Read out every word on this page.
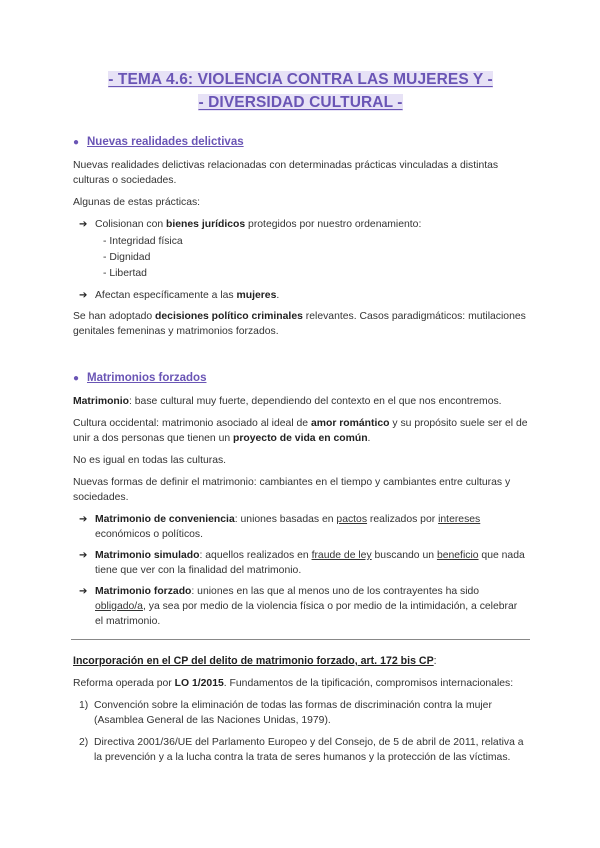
- TEMA 4.6: VIOLENCIA CONTRA LAS MUJERES Y -
- DIVERSIDAD CULTURAL -
● Nuevas realidades delictivas

Nuevas realidades delictivas relacionadas con determinadas prácticas vinculadas a distintas culturas o sociedades.

Algunas de estas prácticas:

➔ Colisionan con bienes jurídicos protegidos por nuestro ordenamiento:
- Integridad física
- Dignidad
- Libertad
➔ Afectan específicamente a las mujeres.

Se han adoptado decisiones político criminales relevantes. Casos paradigmáticos: mutilaciones genitales femeninas y matrimonios forzados.

● Matrimonios forzados

Matrimonio: base cultural muy fuerte, dependiendo del contexto en el que nos encontremos.

Cultura occidental: matrimonio asociado al ideal de amor romántico y su propósito suele ser el de unir a dos personas que tienen un proyecto de vida en común.

No es igual en todas las culturas.

Nuevas formas de definir el matrimonio: cambiantes en el tiempo y cambiantes entre culturas y sociedades.

➔ Matrimonio de conveniencia: uniones basadas en pactos realizados por intereses económicos o políticos.
➔ Matrimonio simulado: aquellos realizados en fraude de ley buscando un beneficio que nada tiene que ver con la finalidad del matrimonio.
➔ Matrimonio forzado: uniones en las que al menos uno de los contrayentes ha sido obligado/a, ya sea por medio de la violencia física o por medio de la intimidación, a celebrar el matrimonio.
Incorporación en el CP del delito de matrimonio forzado, art. 172 bis CP:

Reforma operada por LO 1/2015. Fundamentos de la tipificación, compromisos internacionales:

1) Convención sobre la eliminación de todas las formas de discriminación contra la mujer (Asamblea General de las Naciones Unidas, 1979).
2) Directiva 2001/36/UE del Parlamento Europeo y del Consejo, de 5 de abril de 2011, relativa a la prevención y a la lucha contra la trata de seres humanos y la protección de las víctimas.
